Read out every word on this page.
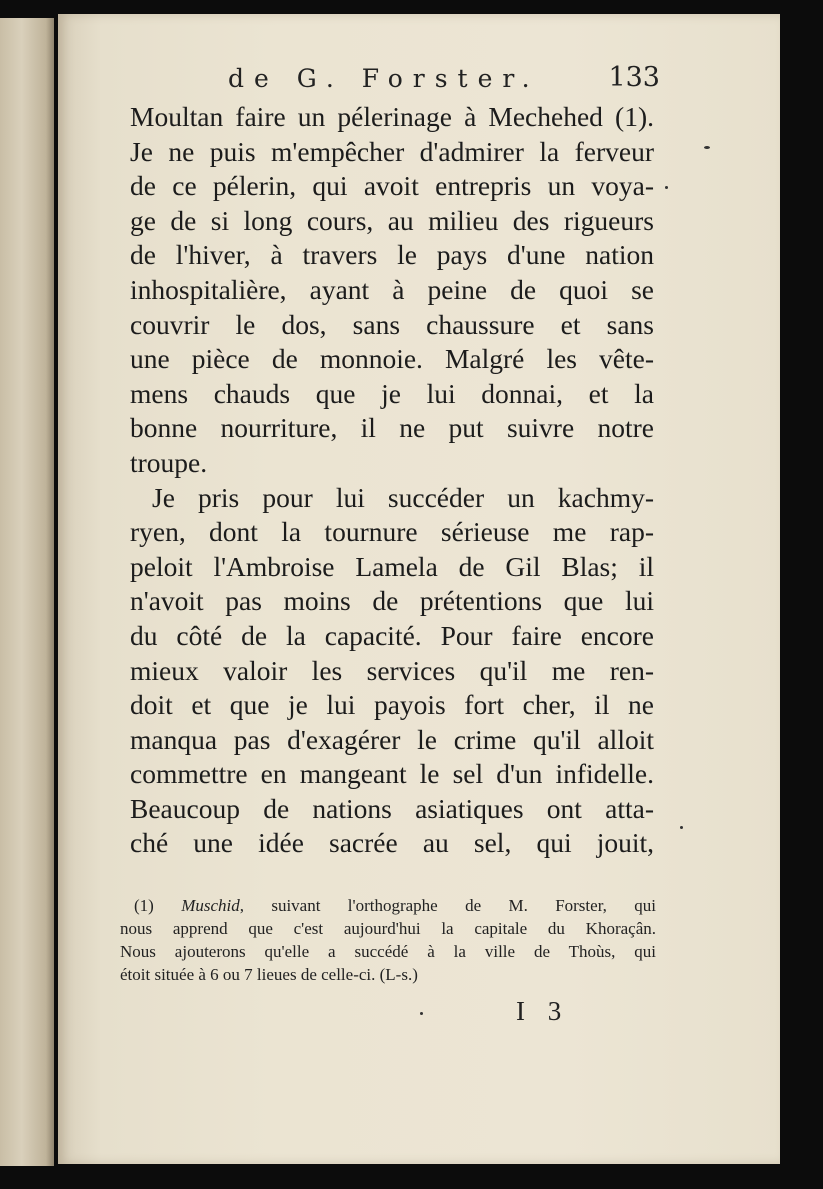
de G. Forster.	133
Moultan faire un pélerinage à Mechehed (1).
Je ne puis m'empêcher d'admirer la ferveur
de ce pélerin, qui avoit entrepris un voya-
ge de si long cours, au milieu des rigueurs
de l'hiver, à travers le pays d'une nation
inhospitalière, ayant à peine de quoi se
couvrir le dos, sans chaussure et sans
une pièce de monnoie. Malgré les vête-
mens chauds que je lui donnai, et la
bonne nourriture, il ne put suivre notre
troupe.
Je pris pour lui succéder un kachmy-
ryen, dont la tournure sérieuse me rap-
peloit l'Ambroise Lamela de Gil Blas; il
n'avoit pas moins de prétentions que lui
du côté de la capacité. Pour faire encore
mieux valoir les services qu'il me ren-
doit et que je lui payois fort cher, il ne
manqua pas d'exagérer le crime qu'il alloit
commettre en mangeant le sel d'un infidelle.
Beaucoup de nations asiatiques ont atta-
ché une idée sacrée au sel, qui jouit,
(1) Muschid, suivant l'orthographe de M. Forster, qui
nous apprend que c'est aujourd'hui la capitale du Khoraçân.
Nous ajouterons qu'elle a succédé à la ville de Thoùs, qui
étoit située à 6 ou 7 lieues de celle-ci. (L-s.)
I 3
